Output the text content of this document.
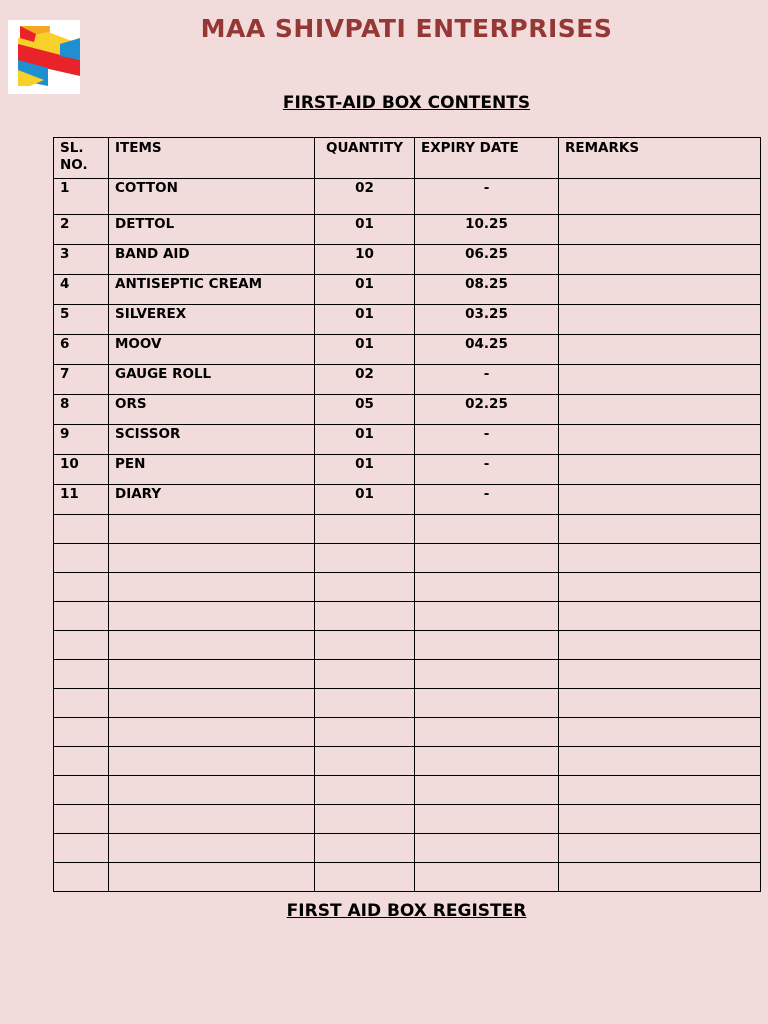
MAA SHIVPATI ENTERPRISES
FIRST-AID BOX CONTENTS
SL. NO.	ITEMS	QUANTITY	EXPIRY DATE	REMARKS
1	COTTON	02	-	
2	DETTOL	01	10.25	
3	BAND AID	10	06.25	
4	ANTISEPTIC CREAM	01	08.25	
5	SILVEREX	01	03.25	
6	MOOV	01	04.25	
7	GAUGE ROLL	02	-	
8	ORS	05	02.25	
9	SCISSOR	01	-	
10	PEN	01	-	
11	DIARY	01	-	

FIRST AID BOX REGISTER
